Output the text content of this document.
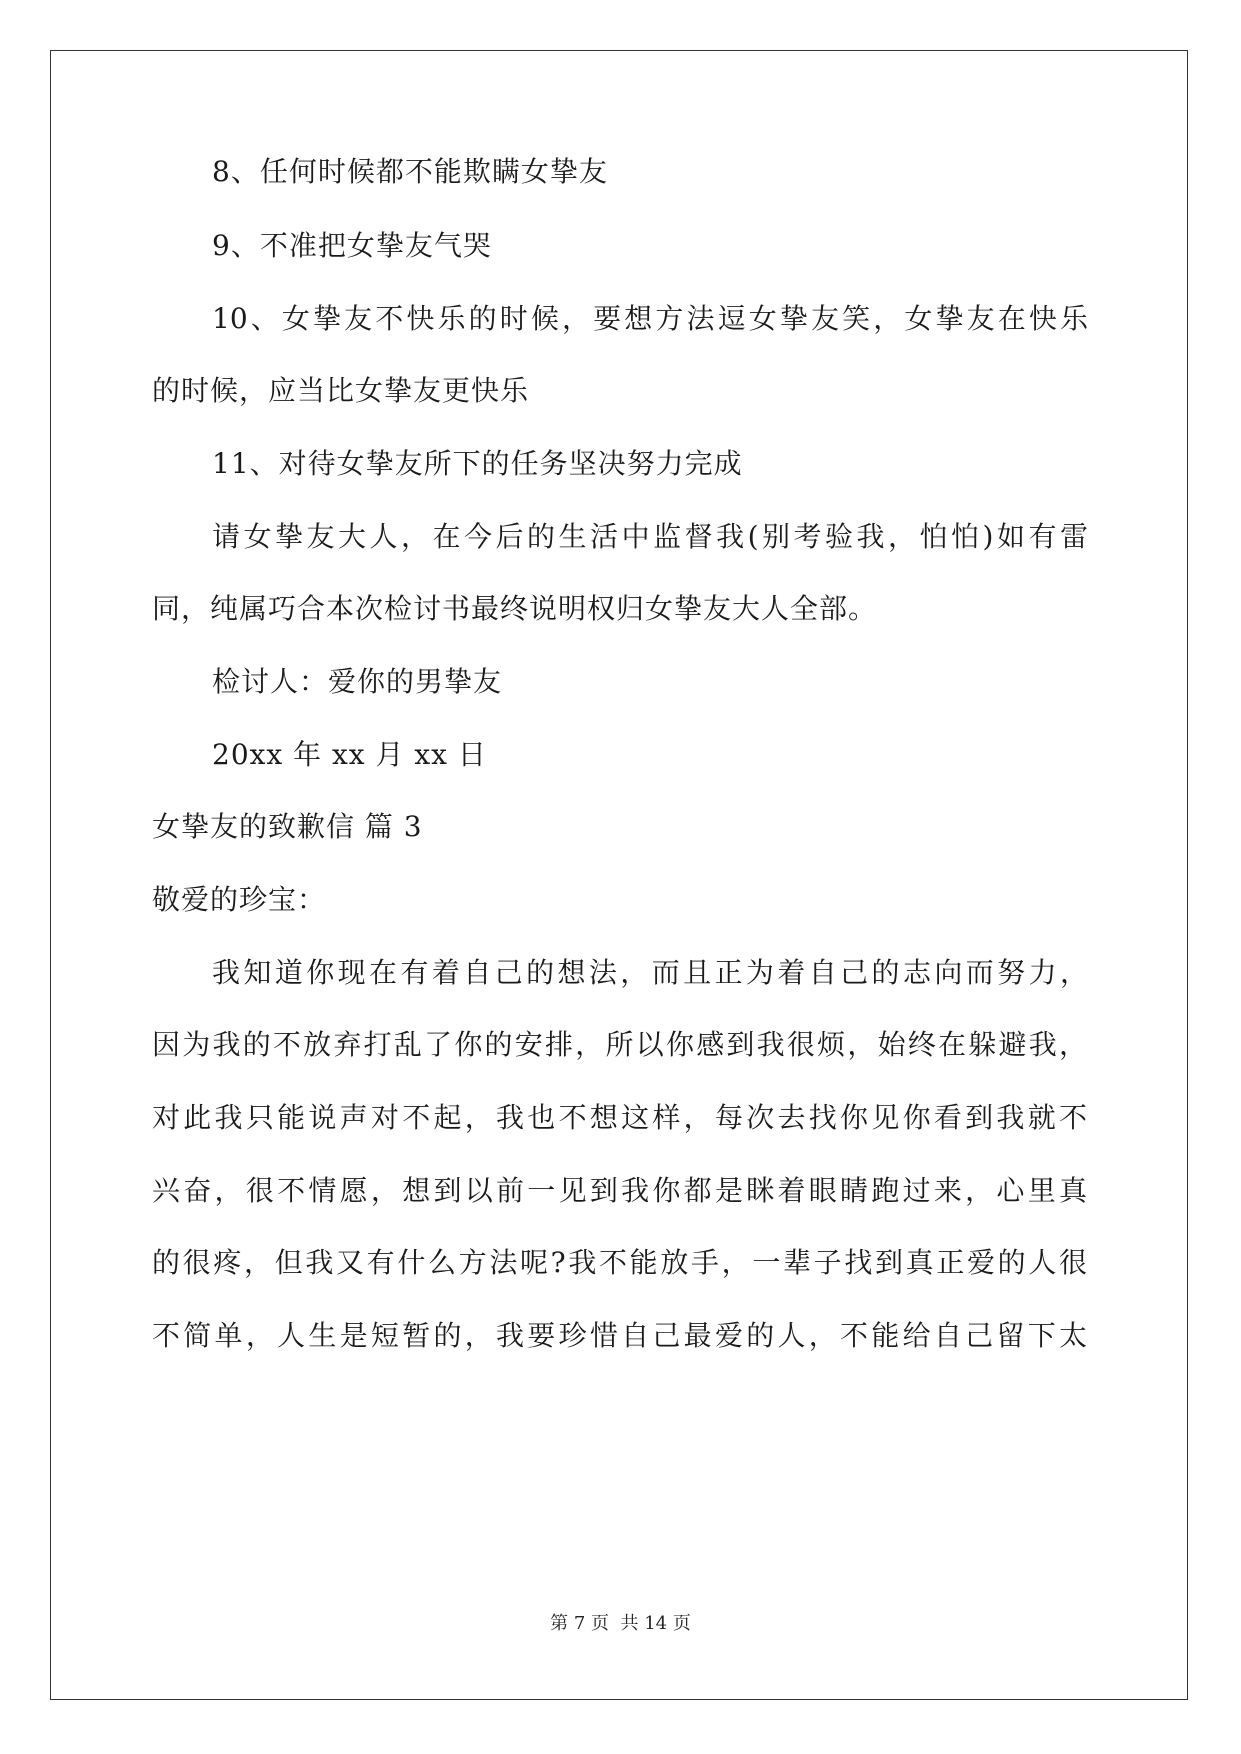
8、任何时候都不能欺瞒女挚友
9、不准把女挚友气哭
10、女挚友不快乐的时候，要想方法逗女挚友笑，女挚友在快乐
的时候，应当比女挚友更快乐
11、对待女挚友所下的任务坚决努力完成
请女挚友大人，在今后的生活中监督我(别考验我，怕怕)如有雷
同，纯属巧合本次检讨书最终说明权归女挚友大人全部。
检讨人：爱你的男挚友
20xx 年 xx 月 xx 日
女挚友的致歉信 篇 3
敬爱的珍宝：
我知道你现在有着自己的想法，而且正为着自己的志向而努力，
因为我的不放弃打乱了你的安排，所以你感到我很烦，始终在躲避我，
对此我只能说声对不起，我也不想这样，每次去找你见你看到我就不
兴奋，很不情愿，想到以前一见到我你都是眯着眼睛跑过来，心里真
的很疼，但我又有什么方法呢?我不能放手，一辈子找到真正爱的人很
不简单，人生是短暂的，我要珍惜自己最爱的人，不能给自己留下太
第 7 页  共 14 页
